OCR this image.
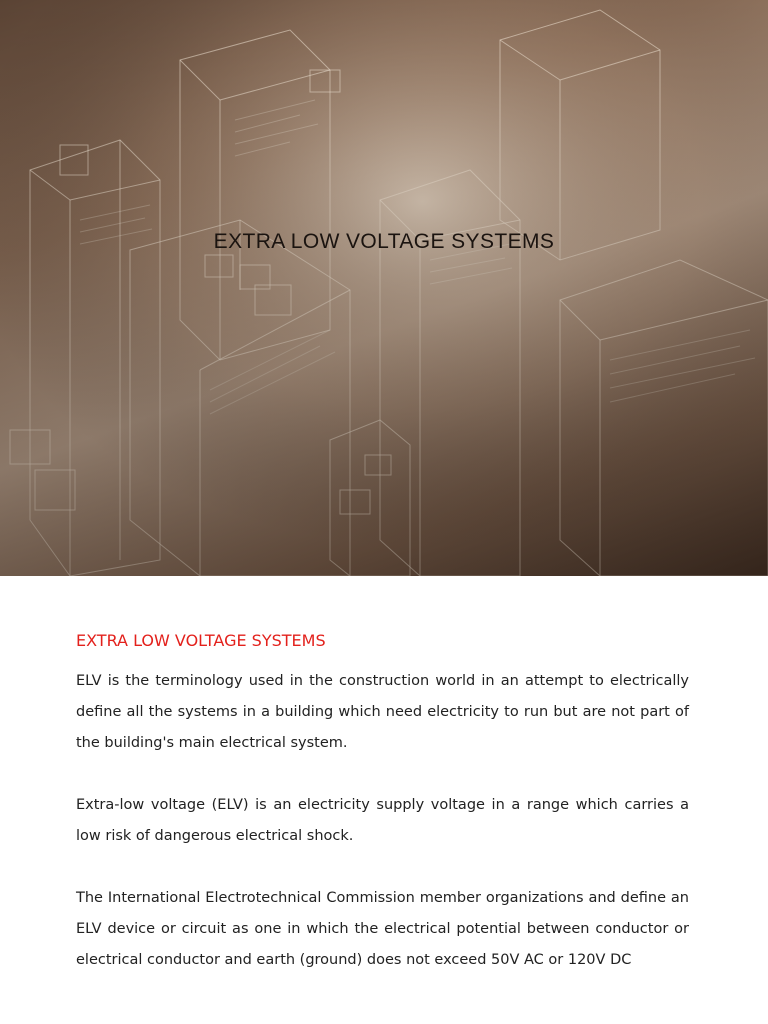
EXTRA LOW VOLTAGE SYSTEMS
EXTRA LOW VOLTAGE SYSTEMS

ELV is the terminology used in the construction world in an attempt to electrically define all the systems in a building which need electricity to run but are not part of the building's main electrical system.

Extra-low voltage (ELV) is an electricity supply voltage in a range which carries a low risk of dangerous electrical shock.

The International Electrotechnical Commission member organizations and define an ELV device or circuit as one in which the electrical potential between conductor or electrical conductor and earth (ground) does not exceed 50V AC or 120V DC
